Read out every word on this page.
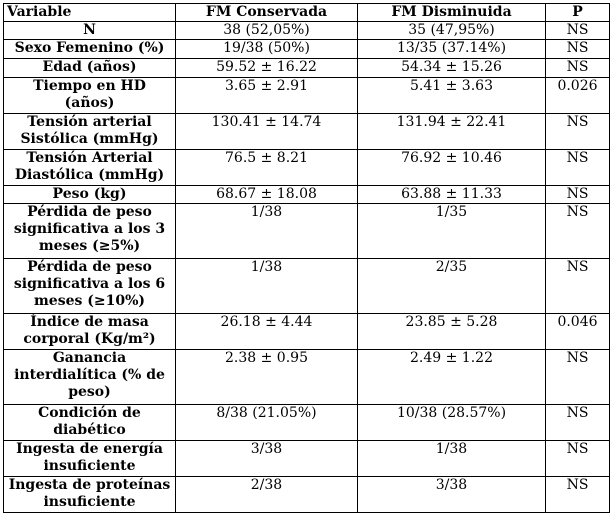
Variable	FM Conservada	FM Disminuida	P
N	38 (52,05%)	35 (47,95%)	NS
Sexo Femenino (%)	19/38 (50%)	13/35 (37.14%)	NS
Edad (años)	59.52 ± 16.22	54.34 ± 15.26	NS
Tiempo en HD (años)	3.65 ± 2.91	5.41 ± 3.63	0.026
Tensión arterial Sistólica (mmHg)	130.41 ± 14.74	131.94 ± 22.41	NS
Tensión Arterial Diastólica (mmHg)	76.5 ± 8.21	76.92 ± 10.46	NS
Peso (kg)	68.67 ± 18.08	63.88 ± 11.33	NS
Pérdida de peso significativa a los 3 meses (≥5%)	1/38	1/35	NS
Pérdida de peso significativa a los 6 meses (≥10%)	1/38	2/35	NS
Índice de masa corporal (Kg/m²)	26.18 ± 4.44	23.85 ± 5.28	0.046
Ganancia interdialítica (% de peso)	2.38 ± 0.95	2.49 ± 1.22	NS
Condición de diabético	8/38 (21.05%)	10/38 (28.57%)	NS
Ingesta de energía insuficiente	3/38	1/38	NS
Ingesta de proteínas insuficiente	2/38	3/38	NS
